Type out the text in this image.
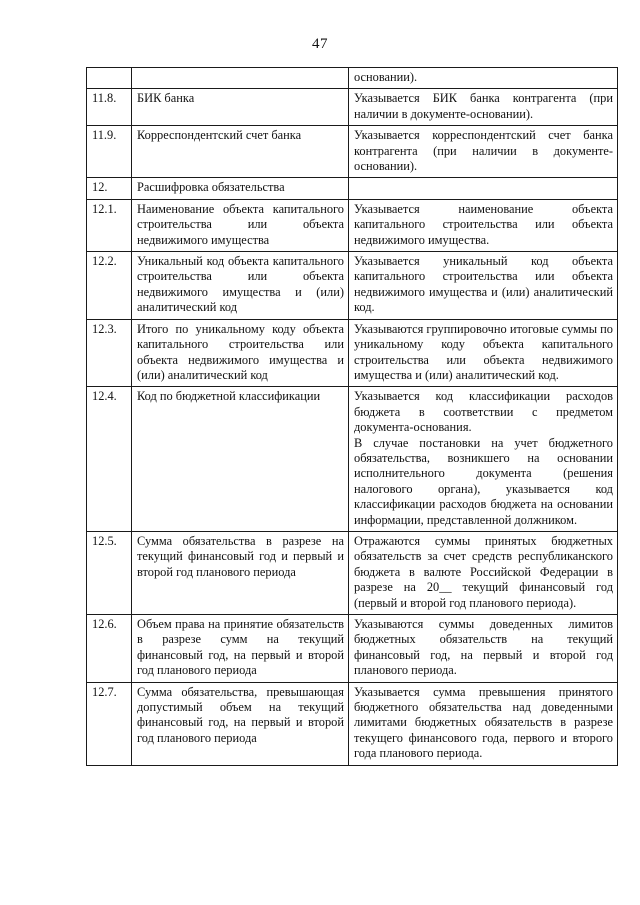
47

		основании).

11.8.	БИК банка	Указывается БИК банка контрагента (при наличии в документе-основании).

11.9.	Корреспондентский счет банка	Указывается корреспондентский счет банка контрагента (при наличии в документе-основании).

12.	Расшифровка обязательства	

12.1.	Наименование объекта капитального строительства или объекта недвижимого имущества	Указывается наименование объекта капитального строительства или объекта недвижимого имущества.

12.2.	Уникальный код объекта капитального строительства или объекта недвижимого имущества и (или) аналитический код	Указывается уникальный код объекта капитального строительства или объекта недвижимого имущества и (или) аналитический код.

12.3.	Итого по уникальному коду объекта капитального строительства или объекта недвижимого имущества и (или) аналитический код	Указываются группировочно итоговые суммы по уникальному коду объекта капитального строительства или объекта недвижимого имущества и (или) аналитический код.

12.4.	Код по бюджетной классификации	Указывается код классификации расходов бюджета в соответствии с предметом документа-основания.

В случае постановки на учет бюджетного обязательства, возникшего на основании исполнительного документа (решения налогового органа), указывается код классификации расходов бюджета на основании информации, представленной должником.

12.5.	Сумма обязательства в разрезе на текущий финансовый год и первый и второй год планового периода	Отражаются суммы принятых бюджетных обязательств за счет средств республиканского бюджета в валюте Российской Федерации в разрезе на 20__ текущий финансовый год (первый и второй год планового периода).

12.6.	Объем права на принятие обязательств в разрезе сумм на текущий финансовый год, на первый и второй год планового периода	Указываются суммы доведенных лимитов бюджетных обязательств на текущий финансовый год, на первый и второй год планового периода.

12.7.	Сумма обязательства, превышающая допустимый объем на текущий финансовый год, на первый и второй год планового периода	Указывается сумма превышения принятого бюджетного обязательства над доведенными лимитами бюджетных обязательств в разрезе текущего финансового года, первого и второго года планового периода.
